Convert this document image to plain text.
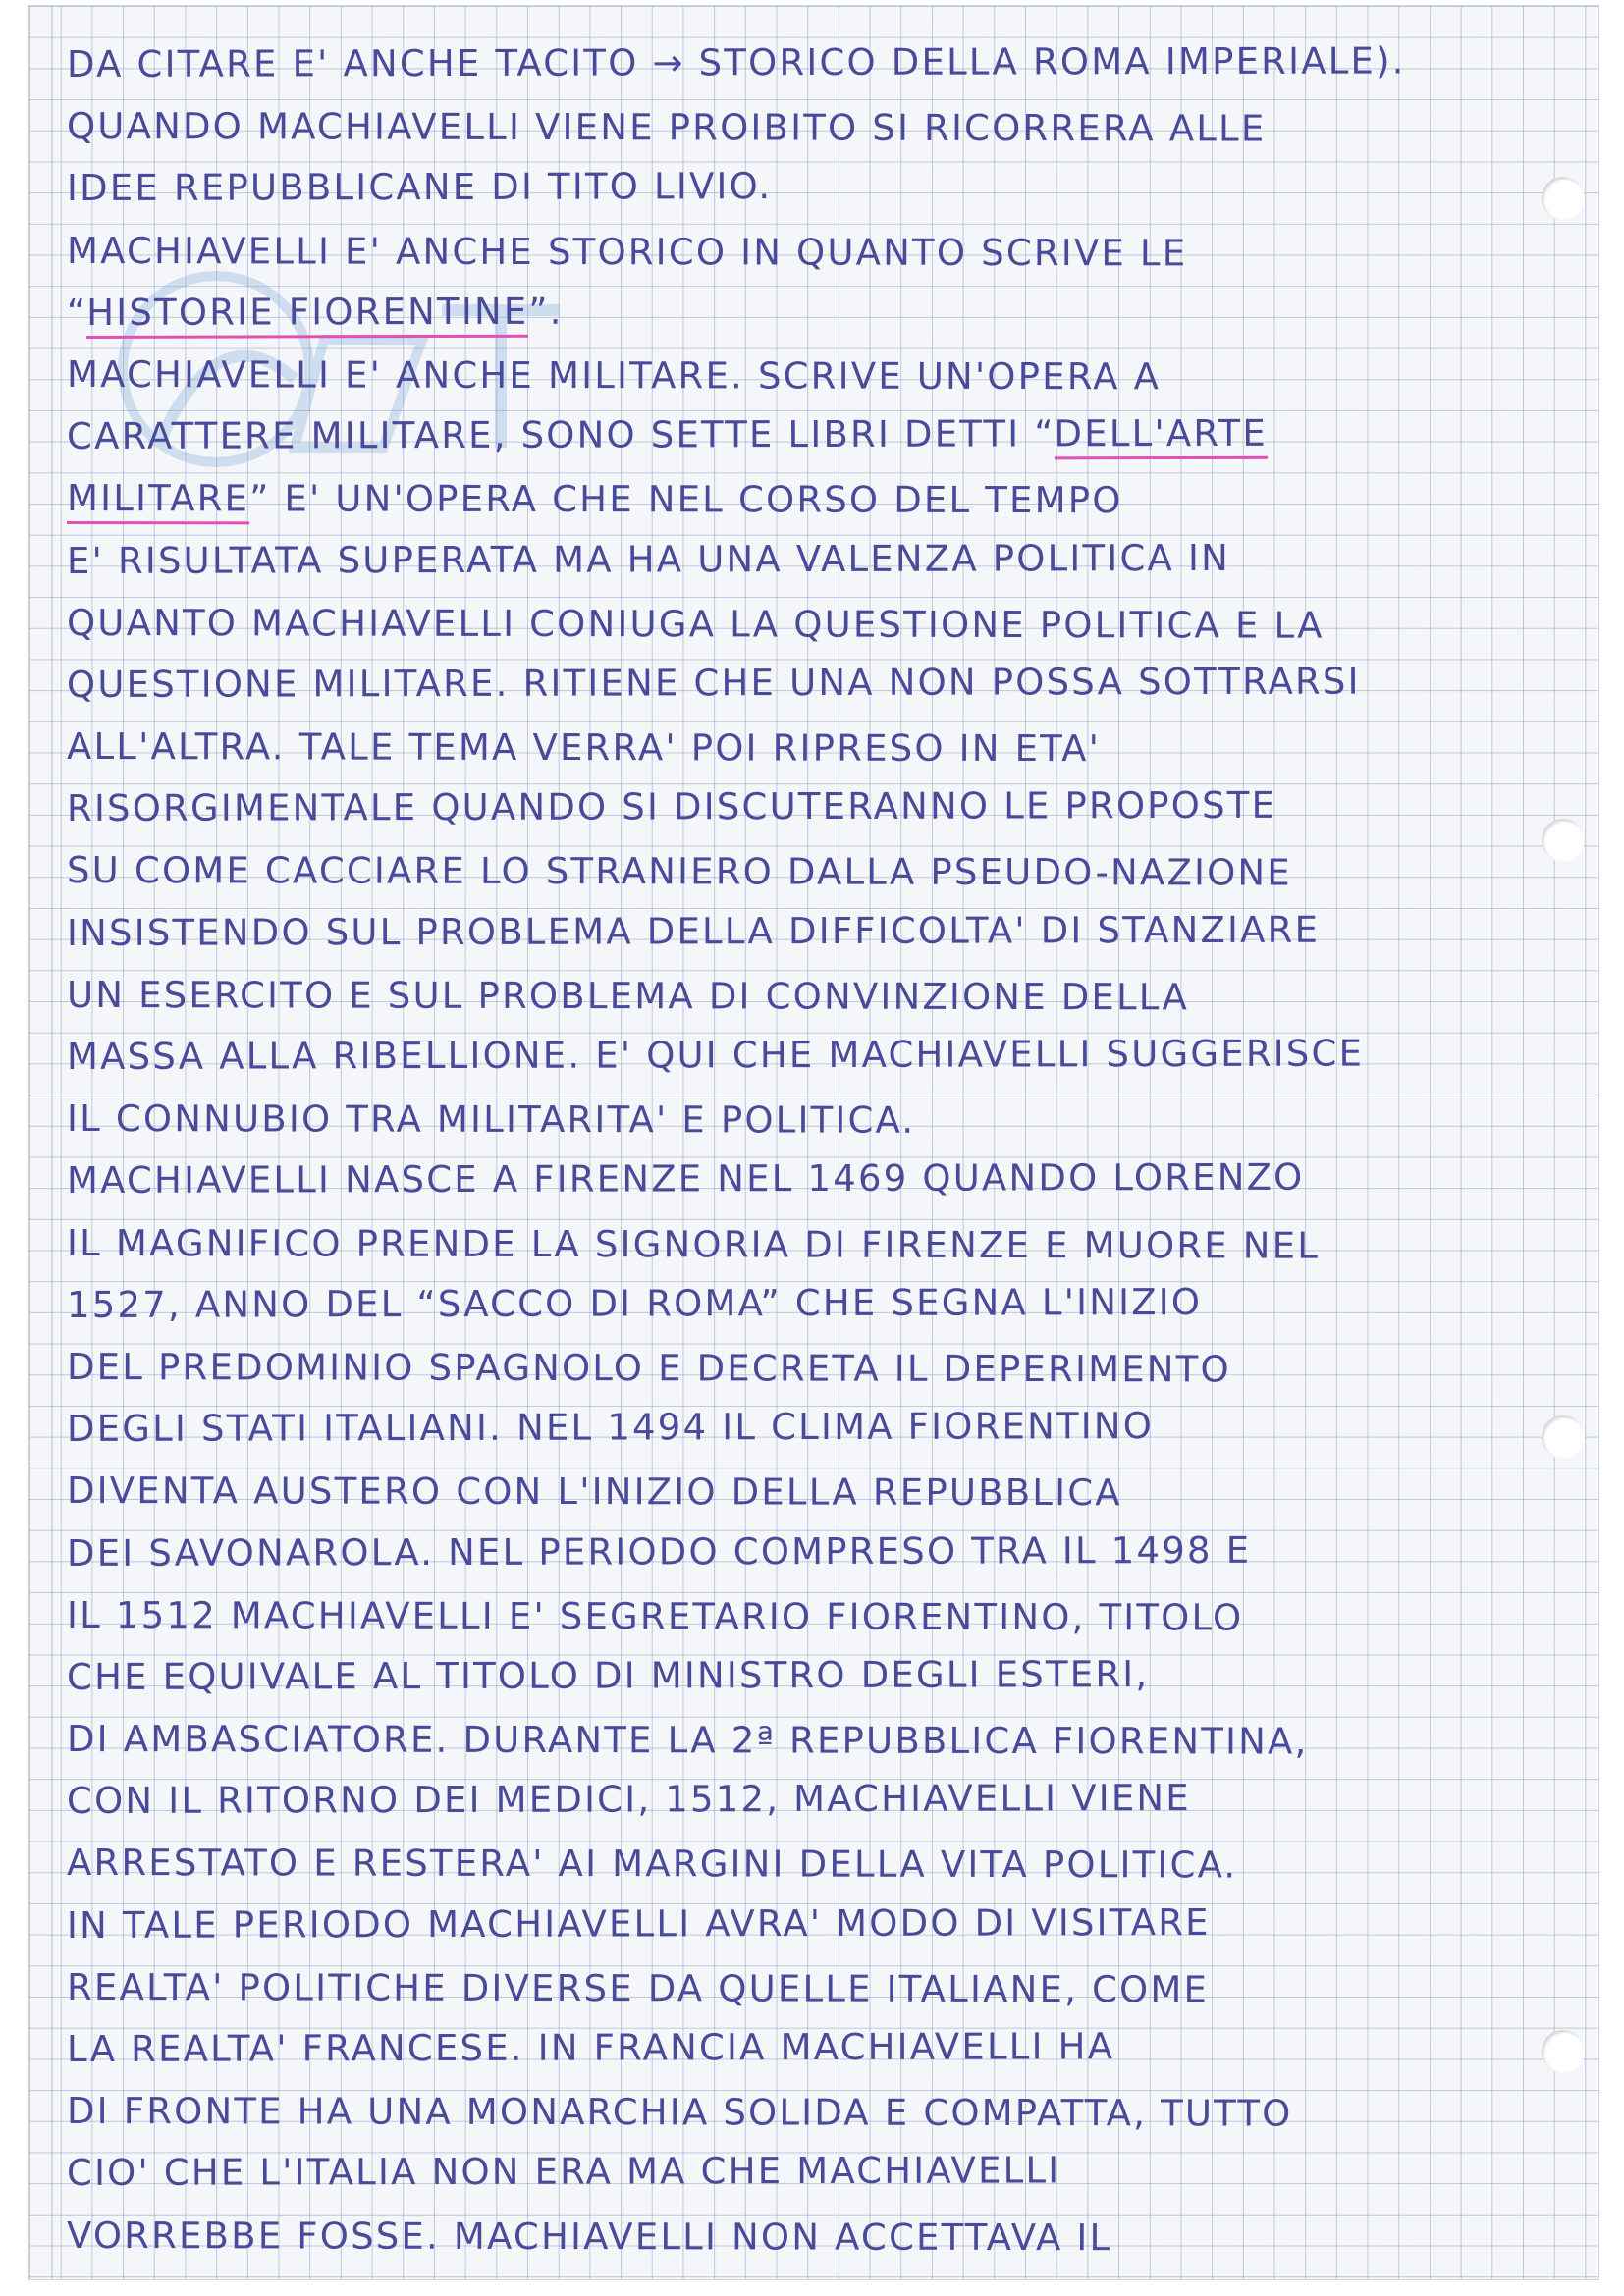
DA CITARE E' ANCHE TACITO → STORICO DELLA ROMA IMPERIALE).
QUANDO MACHIAVELLI VIENE PROIBITO SI RICORRERA ALLE
IDEE REPUBBLICANE DI TITO LIVIO.
MACHIAVELLI E' ANCHE STORICO IN QUANTO SCRIVE LE
“HISTORIE FIORENTINE”.
MACHIAVELLI E' ANCHE MILITARE. SCRIVE UN'OPERA A
CARATTERE MILITARE, SONO SETTE LIBRI DETTI “DELL'ARTE
MILITARE” E' UN'OPERA CHE NEL CORSO DEL TEMPO
E' RISULTATA SUPERATA MA HA UNA VALENZA POLITICA IN
QUANTO MACHIAVELLI CONIUGA LA QUESTIONE POLITICA E LA
QUESTIONE MILITARE. RITIENE CHE UNA NON POSSA SOTTRARSI
ALL'ALTRA. TALE TEMA VERRA' POI RIPRESO IN ETA'
RISORGIMENTALE QUANDO SI DISCUTERANNO LE PROPOSTE
SU COME CACCIARE LO STRANIERO DALLA PSEUDO-NAZIONE
INSISTENDO SUL PROBLEMA DELLA DIFFICOLTA' DI STANZIARE
UN ESERCITO E SUL PROBLEMA DI CONVINZIONE DELLA
MASSA ALLA RIBELLIONE. E' QUI CHE MACHIAVELLI SUGGERISCE
IL CONNUBIO TRA MILITARITA' E POLITICA.
MACHIAVELLI NASCE A FIRENZE NEL 1469 QUANDO LORENZO
IL MAGNIFICO PRENDE LA SIGNORIA DI FIRENZE E MUORE NEL
1527, ANNO DEL “SACCO DI ROMA” CHE SEGNA L'INIZIO
DEL PREDOMINIO SPAGNOLO E DECRETA IL DEPERIMENTO
DEGLI STATI ITALIANI. NEL 1494 IL CLIMA FIORENTINO
DIVENTA AUSTERO CON L'INIZIO DELLA REPUBBLICA
DEI SAVONAROLA. NEL PERIODO COMPRESO TRA IL 1498 E
IL 1512 MACHIAVELLI E' SEGRETARIO FIORENTINO, TITOLO
CHE EQUIVALE AL TITOLO DI MINISTRO DEGLI ESTERI,
DI AMBASCIATORE. DURANTE LA 2ª REPUBBLICA FIORENTINA,
CON IL RITORNO DEI MEDICI, 1512, MACHIAVELLI VIENE
ARRESTATO E RESTERA' AI MARGINI DELLA VITA POLITICA.
IN TALE PERIODO MACHIAVELLI AVRA' MODO DI VISITARE
REALTA' POLITICHE DIVERSE DA QUELLE ITALIANE, COME
LA REALTA' FRANCESE. IN FRANCIA MACHIAVELLI HA
DI FRONTE HA UNA MONARCHIA SOLIDA E COMPATTA, TUTTO
CIO' CHE L'ITALIA NON ERA MA CHE MACHIAVELLI
VORREBBE FOSSE. MACHIAVELLI NON ACCETTAVA IL
